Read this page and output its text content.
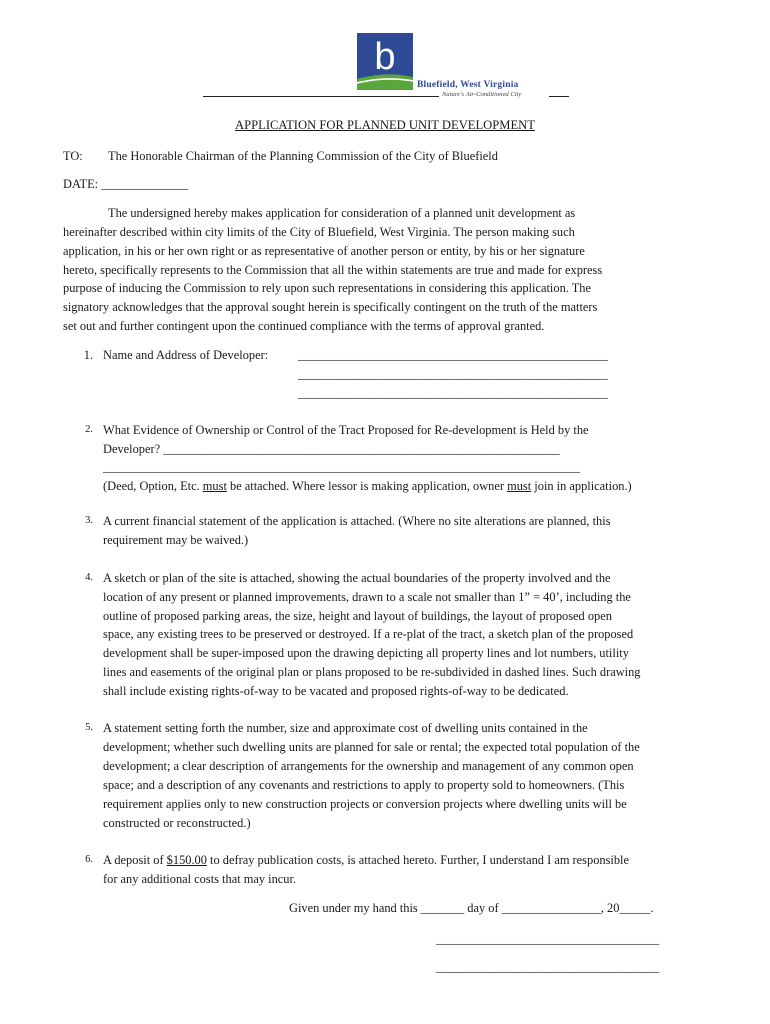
b
Bluefield, West Virginia
Nature's Air-Conditioned City
APPLICATION FOR PLANNED UNIT DEVELOPMENT
TO: The Honorable Chairman of the Planning Commission of the City of Bluefield
DATE: ______________
The undersigned hereby makes application for consideration of a planned unit development as
hereinafter described within city limits of the City of Bluefield, West Virginia. The person making such
application, in his or her own right or as representative of another person or entity, by his or her signature
hereto, specifically represents to the Commission that all the within statements are true and made for express
purpose of inducing the Commission to rely upon such representations in considering this application. The
signatory acknowledges that the approval sought herein is specifically contingent on the truth of the matters
set out and further contingent upon the continued compliance with the terms of approval granted.
1. Name and Address of Developer: __________________________________________________
__________________________________________________
__________________________________________________
2. What Evidence of Ownership or Control of the Tract Proposed for Re-development is Held by the
Developer? ________________________________________________________________
_____________________________________________________________________________
(Deed, Option, Etc. must be attached. Where lessor is making application, owner must join in application.)
3. A current financial statement of the application is attached. (Where no site alterations are planned, this
requirement may be waived.)
4. A sketch or plan of the site is attached, showing the actual boundaries of the property involved and the
location of any present or planned improvements, drawn to a scale not smaller than 1” = 40’, including the
outline of proposed parking areas, the size, height and layout of buildings, the layout of proposed open
space, any existing trees to be preserved or destroyed. If a re-plat of the tract, a sketch plan of the proposed
development shall be super-imposed upon the drawing depicting all property lines and lot numbers, utility
lines and easements of the original plan or plans proposed to be re-subdivided in dashed lines. Such drawing
shall include existing rights-of-way to be vacated and proposed rights-of-way to be dedicated.
5. A statement setting forth the number, size and approximate cost of dwelling units contained in the
development; whether such dwelling units are planned for sale or rental; the expected total population of the
development; a clear description of arrangements for the ownership and management of any common open
space; and a description of any covenants and restrictions to apply to property sold to homeowners. (This
requirement applies only to new construction projects or conversion projects where dwelling units will be
constructed or reconstructed.)
6. A deposit of $150.00 to defray publication costs, is attached hereto. Further, I understand I am responsible
for any additional costs that may incur.
Given under my hand this _______ day of ________________, 20_____.
____________________________________
____________________________________
